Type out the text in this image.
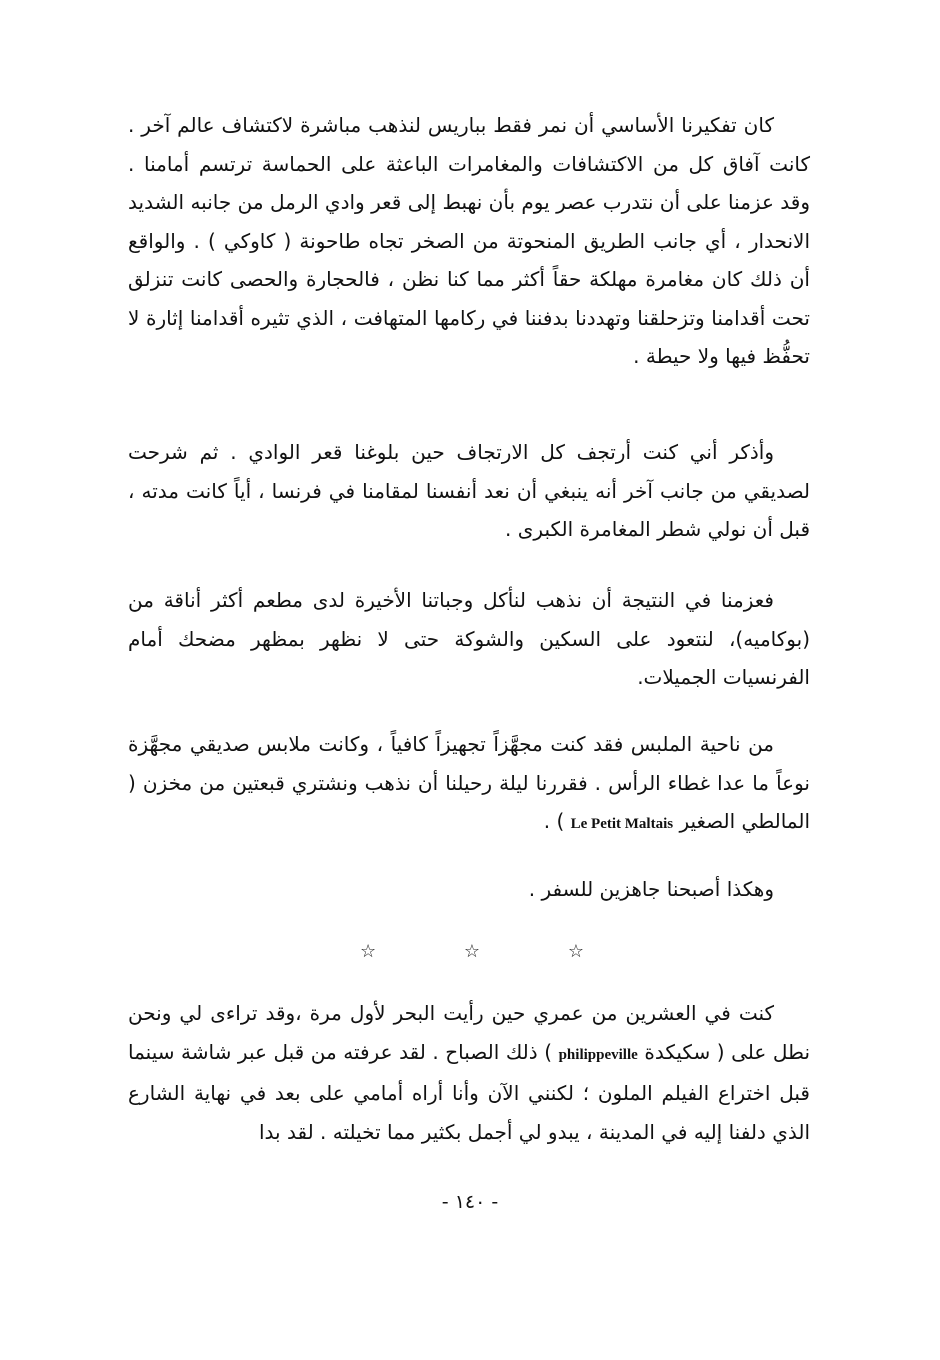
كان تفكيرنا الأساسي أن نمر فقط بباريس لنذهب مباشرة لاكتشاف عالم آخر . كانت آفاق كل من الاكتشافات والمغامرات الباعثة على الحماسة ترتسم أمامنا . وقد عزمنا على أن نتدرب عصر يوم بأن نهبط إلى قعر وادي الرمل من جانبه الشديد الانحدار ، أي جانب الطريق المنحوتة من الصخر تجاه طاحونة ( كاوكي ) . والواقع أن ذلك كان مغامرة مهلكة حقاً أكثر مما كنا نظن ، فالحجارة والحصى كانت تنزلق تحت أقدامنا وتزحلقنا وتهددنا بدفننا في ركامها المتهافت ، الذي تثيره أقدامنا إثارة لا تحفُّظ فيها ولا حيطة .

وأذكر أني كنت أرتجف كل الارتجاف حين بلوغنا قعر الوادي . ثم شرحت لصديقي من جانب آخر أنه ينبغي أن نعد أنفسنا لمقامنا في فرنسا ، أياً كانت مدته ، قبل أن نولي شطر المغامرة الكبرى .

فعزمنا في النتيجة أن نذهب لنأكل وجباتنا الأخيرة لدى مطعم أكثر أناقة من (بوكاميه)، لنتعود على السكين والشوكة حتى لا نظهر بمظهر مضحك أمام الفرنسيات الجميلات.

من ناحية الملبس فقد كنت مجهَّزاً تجهيزاً كافياً ، وكانت ملابس صديقي مجهَّزة نوعاً ما عدا غطاء الرأس . فقررنا ليلة رحيلنا أن نذهب ونشتري قبعتين من مخزن ( المالطي الصغير Le Petit Maltais ) .

وهكذا أصبحنا جاهزين للسفر .

☆	☆	☆

كنت في العشرين من عمري حين رأيت البحر لأول مرة ،وقد تراءى لي ونحن نطل على ( سكيكدة philippeville ) ذلك الصباح . لقد عرفته من قبل عبر شاشة سينما قبل اختراع الفيلم الملون ؛ لكنني الآن وأنا أراه أمامي على بعد في نهاية الشارع الذي دلفنا إليه في المدينة ، يبدو لي أجمل بكثير مما تخيلته . لقد بدا

- ١٤٠ -
